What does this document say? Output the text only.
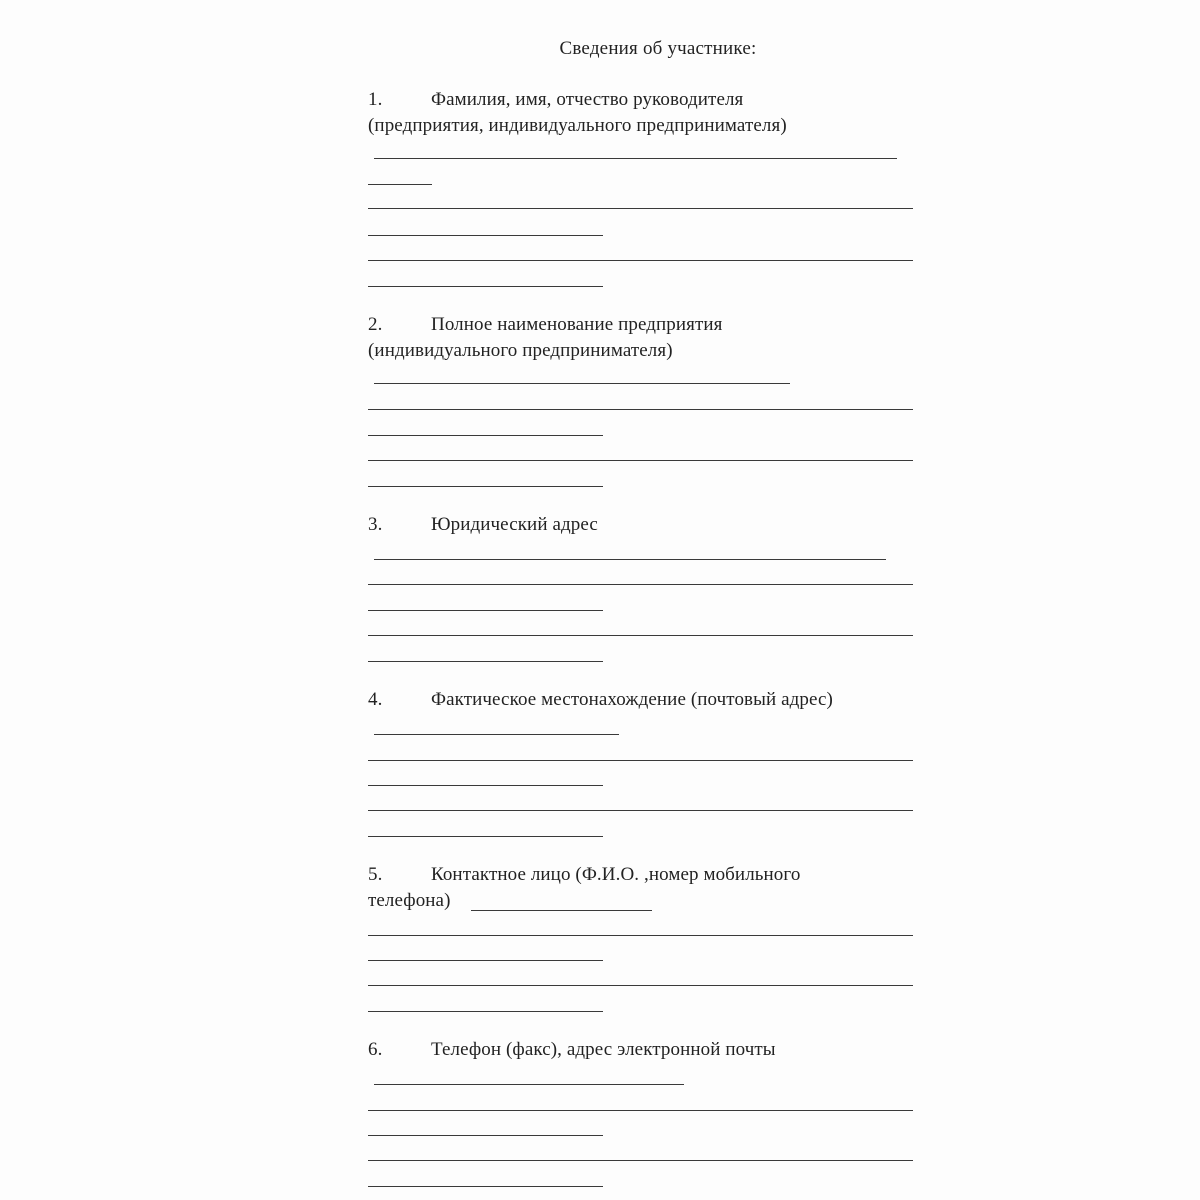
Сведения об участнике:
1.	Фамилия, имя, отчество руководителя
(предприятия, индивидуального предпринимателя)
2.	Полное наименование предприятия
(индивидуального предпринимателя)
3.	Юридический адрес
4.	Фактическое местонахождение (почтовый адрес)
5.	Контактное лицо (Ф.И.О. ,номер мобильного
телефона)
6.	Телефон (факс), адрес электронной почты
